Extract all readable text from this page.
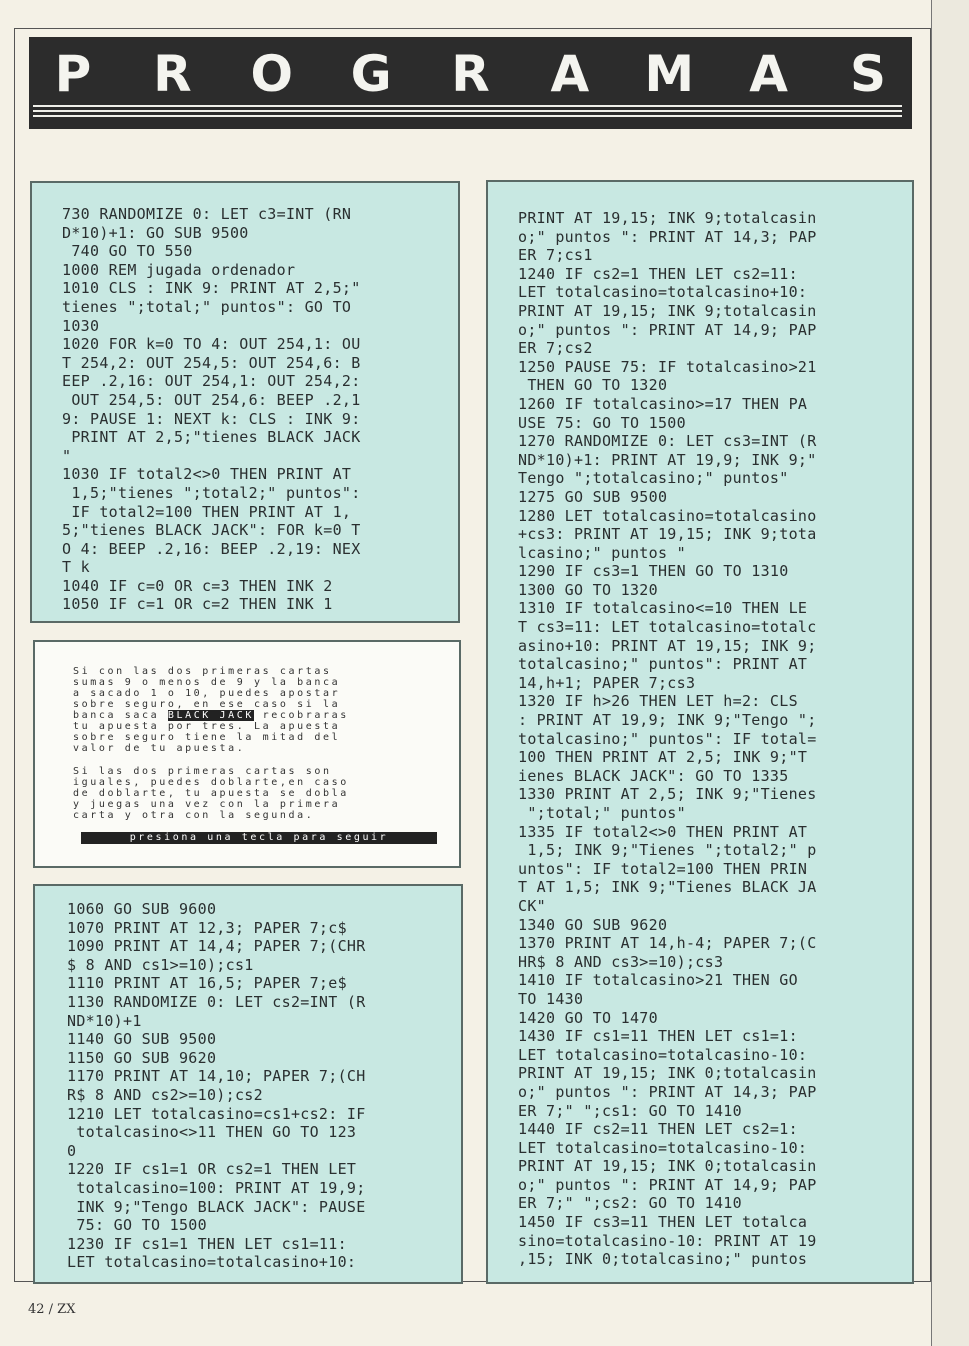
P R O G R A M A S
730 RANDOMIZE 0: LET c3=INT (RN
D*10)+1: GO SUB 9500
740 GO TO 550
1000 REM jugada ordenador
1010 CLS : INK 9: PRINT AT 2,5;"
tienes ";total;" puntos": GO TO
1030
1020 FOR k=0 TO 4: OUT 254,1: OU
T 254,2: OUT 254,5: OUT 254,6: B
EEP .2,16: OUT 254,1: OUT 254,2:
OUT 254,5: OUT 254,6: BEEP .2,1
9: PAUSE 1: NEXT k: CLS : INK 9:
PRINT AT 2,5;"tienes BLACK JACK
"
1030 IF total2<>0 THEN PRINT AT
1,5;"tienes ";total2;" puntos":
IF total2=100 THEN PRINT AT 1,
5;"tienes BLACK JACK": FOR k=0 T
O 4: BEEP .2,16: BEEP .2,19: NEX
T k
1040 IF c=0 OR c=3 THEN INK 2
1050 IF c=1 OR c=2 THEN INK 1
Si con las dos primeras cartas
sumas 9 o menos de 9 y la banca
a sacado 1 o 10, puedes apostar
sobre seguro, en ese caso si la
banca saca BLACK JACK recobraras
tu apuesta por tres. La apuesta
sobre seguro tiene la mitad del
valor de tu apuesta.
Si las dos primeras cartas son
iguales, puedes doblarte,en caso
de doblarte, tu apuesta se dobla
y juegas una vez con la primera
carta y otra con la segunda.
presiona una tecla para seguir
1060 GO SUB 9600
1070 PRINT AT 12,3; PAPER 7;c$
1090 PRINT AT 14,4; PAPER 7;(CHR
$ 8 AND cs1>=10);cs1
1110 PRINT AT 16,5; PAPER 7;e$
1130 RANDOMIZE 0: LET cs2=INT (R
ND*10)+1
1140 GO SUB 9500
1150 GO SUB 9620
1170 PRINT AT 14,10; PAPER 7;(CH
R$ 8 AND cs2>=10);cs2
1210 LET totalcasino=cs1+cs2: IF
totalcasino<>11 THEN GO TO 123
0
1220 IF cs1=1 OR cs2=1 THEN LET
totalcasino=100: PRINT AT 19,9;
INK 9;"Tengo BLACK JACK": PAUSE
75: GO TO 1500
1230 IF cs1=1 THEN LET cs1=11:
LET totalcasino=totalcasino+10:
PRINT AT 19,15; INK 9;totalcasin
o;" puntos ": PRINT AT 14,3; PAP
ER 7;cs1
1240 IF cs2=1 THEN LET cs2=11:
LET totalcasino=totalcasino+10:
PRINT AT 19,15; INK 9;totalcasin
o;" puntos ": PRINT AT 14,9; PAP
ER 7;cs2
1250 PAUSE 75: IF totalcasino>21
THEN GO TO 1320
1260 IF totalcasino>=17 THEN PA
USE 75: GO TO 1500
1270 RANDOMIZE 0: LET cs3=INT (R
ND*10)+1: PRINT AT 19,9; INK 9;"
Tengo ";totalcasino;" puntos"
1275 GO SUB 9500
1280 LET totalcasino=totalcasino
+cs3: PRINT AT 19,15; INK 9;tota
lcasino;" puntos "
1290 IF cs3=1 THEN GO TO 1310
1300 GO TO 1320
1310 IF totalcasino<=10 THEN LE
T cs3=11: LET totalcasino=totalc
asino+10: PRINT AT 19,15; INK 9;
totalcasino;" puntos": PRINT AT
14,h+1; PAPER 7;cs3
1320 IF h>26 THEN LET h=2: CLS
: PRINT AT 19,9; INK 9;"Tengo ";
totalcasino;" puntos": IF total=
100 THEN PRINT AT 2,5; INK 9;"T
ienes BLACK JACK": GO TO 1335
1330 PRINT AT 2,5; INK 9;"Tienes
";total;" puntos"
1335 IF total2<>0 THEN PRINT AT
1,5; INK 9;"Tienes ";total2;" p
untos": IF total2=100 THEN PRIN
T AT 1,5; INK 9;"Tienes BLACK JA
CK"
1340 GO SUB 9620
1370 PRINT AT 14,h-4; PAPER 7;(C
HR$ 8 AND cs3>=10);cs3
1410 IF totalcasino>21 THEN GO
TO 1430
1420 GO TO 1470
1430 IF cs1=11 THEN LET cs1=1:
LET totalcasino=totalcasino-10:
PRINT AT 19,15; INK 0;totalcasin
o;" puntos ": PRINT AT 14,3; PAP
ER 7;" ";cs1: GO TO 1410
1440 IF cs2=11 THEN LET cs2=1:
LET totalcasino=totalcasino-10:
PRINT AT 19,15; INK 0;totalcasin
o;" puntos ": PRINT AT 14,9; PAP
ER 7;" ";cs2: GO TO 1410
1450 IF cs3=11 THEN LET totalca
sino=totalcasino-10: PRINT AT 19
,15; INK 0;totalcasino;" puntos
42 / ZX
